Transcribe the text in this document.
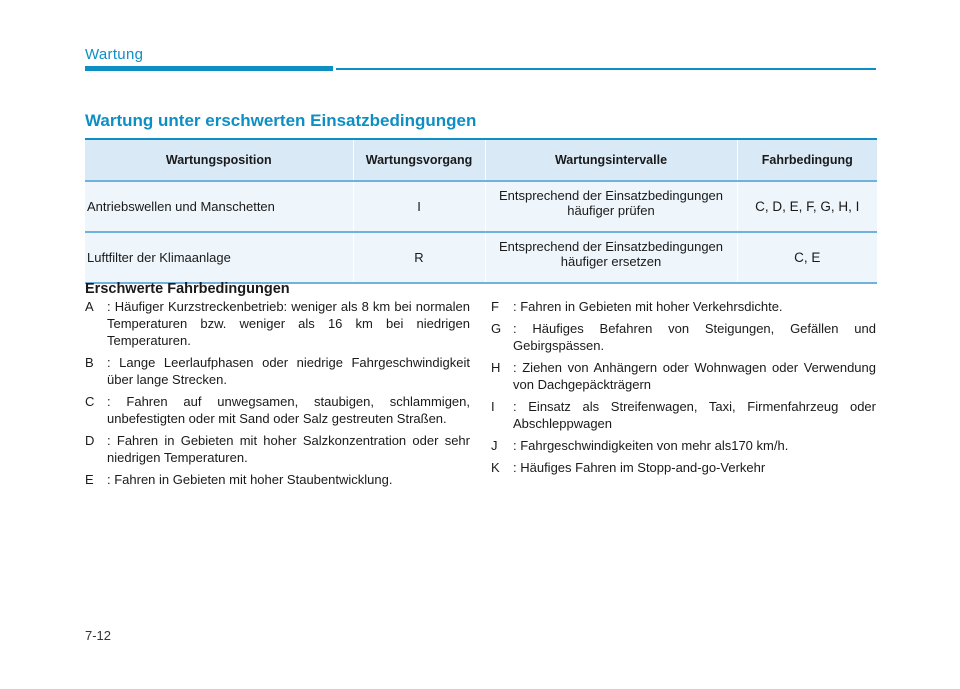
Wartung
Wartung unter erschwerten Einsatzbedingungen
Wartungsposition	Wartungsvorgang	Wartungsintervalle	Fahrbedingung
Antriebswellen und Manschetten	I	Entsprechend der Einsatzbedingungen häufiger prüfen	C, D, E, F, G, H, I
Luftfilter der Klimaanlage	R	Entsprechend der Einsatzbedingungen häufiger ersetzen	C, E
Erschwerte Fahrbedingungen
A	: Häufiger Kurzstreckenbetrieb: weniger als 8 km bei normalen Temperaturen bzw. weniger als 16 km bei niedrigen Temperaturen.
B	: Lange Leerlaufphasen oder niedrige Fahrgeschwindigkeit über lange Strecken.
C : Fahren auf unwegsamen, staubigen, schlammigen, unbefestigten oder mit Sand oder Salz gestreuten Straßen.
D : Fahren in Gebieten mit hoher Salzkonzentration oder sehr niedrigen Temperaturen.
E	: Fahren in Gebieten mit hoher Staubentwicklung.
F	: Fahren in Gebieten mit hoher Verkehrsdichte.
G : Häufiges Befahren von Steigungen, Gefällen und Gebirgspässen.
H : Ziehen von Anhängern oder Wohnwagen oder Verwendung von Dachgepäckträgern
I	: Einsatz als Streifenwagen, Taxi, Firmenfahrzeug oder Abschleppwagen
J	: Fahrgeschwindigkeiten von mehr als170 km/h.
K	: Häufiges Fahren im Stopp-and-go-Verkehr
7-12
